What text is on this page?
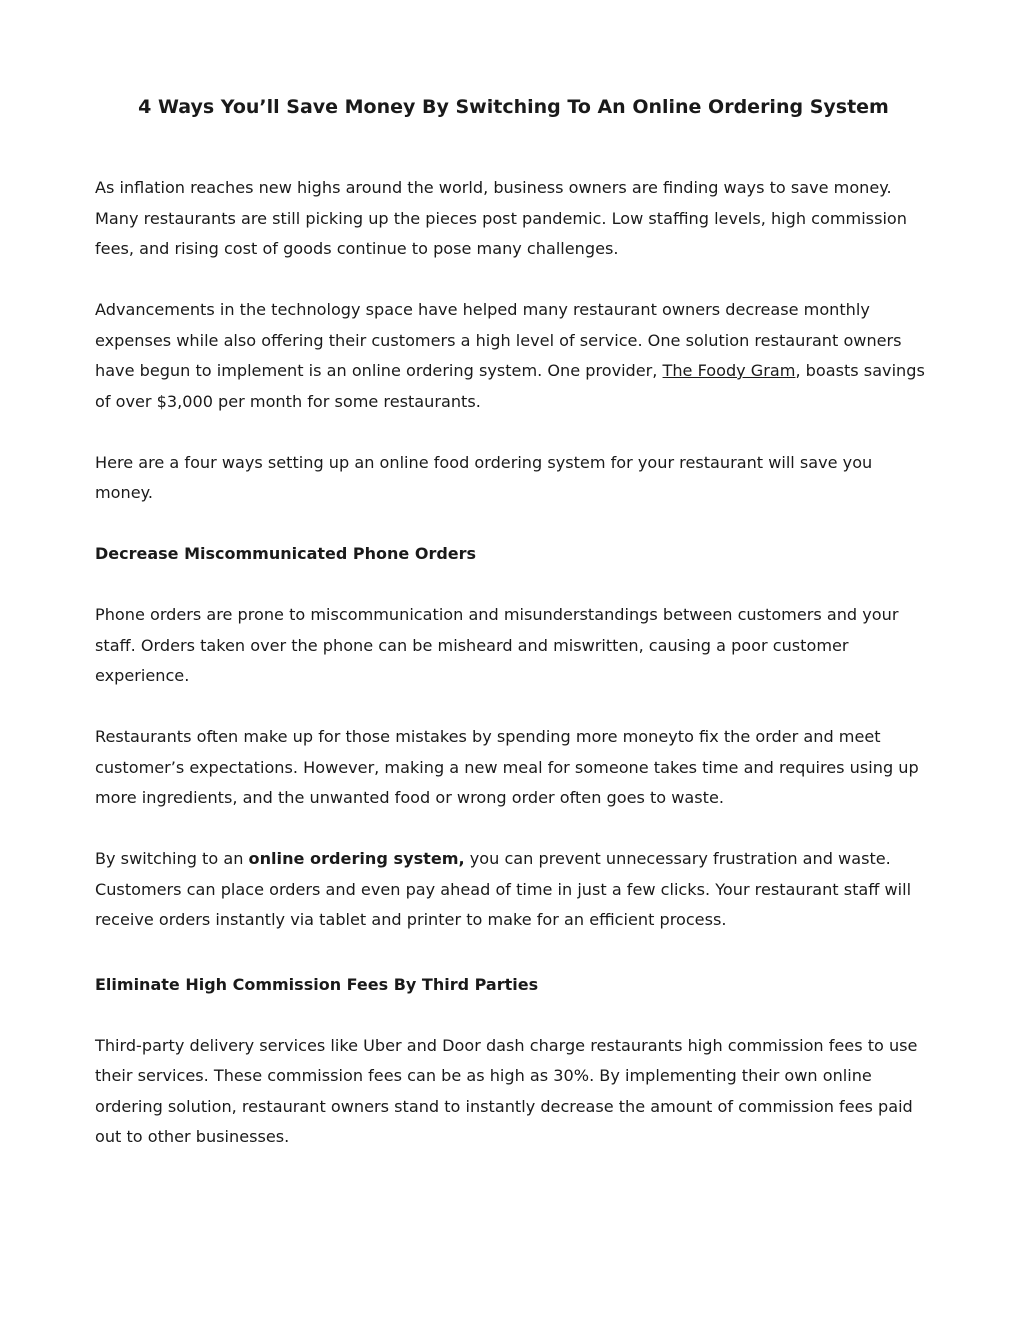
4 Ways You’ll Save Money By Switching To An Online Ordering System

As inflation reaches new highs around the world, business owners are finding ways to save money. Many restaurants are still picking up the pieces post pandemic. Low staffing levels, high commission fees, and rising cost of goods continue to pose many challenges.

Advancements in the technology space have helped many restaurant owners decrease monthly expenses while also offering their customers a high level of service. One solution restaurant owners have begun to implement is an online ordering system. One provider, The Foody Gram, boasts savings of over $3,000 per month for some restaurants.

Here are a four ways setting up an online food ordering system for your restaurant will save you money.

Decrease Miscommunicated Phone Orders

Phone orders are prone to miscommunication and misunderstandings between customers and your staff. Orders taken over the phone can be misheard and miswritten, causing a poor customer experience.

Restaurants often make up for those mistakes by spending more moneyto fix the order and meet customer’s expectations. However, making a new meal for someone takes time and requires using up more ingredients, and the unwanted food or wrong order often goes to waste.

By switching to an online ordering system, you can prevent unnecessary frustration and waste. Customers can place orders and even pay ahead of time in just a few clicks. Your restaurant staff will receive orders instantly via tablet and printer to make for an efficient process.

Eliminate High Commission Fees By Third Parties

Third-party delivery services like Uber and Door dash charge restaurants high commission fees to use their services. These commission fees can be as high as 30%. By implementing their own online ordering solution, restaurant owners stand to instantly decrease the amount of commission fees paid out to other businesses.
